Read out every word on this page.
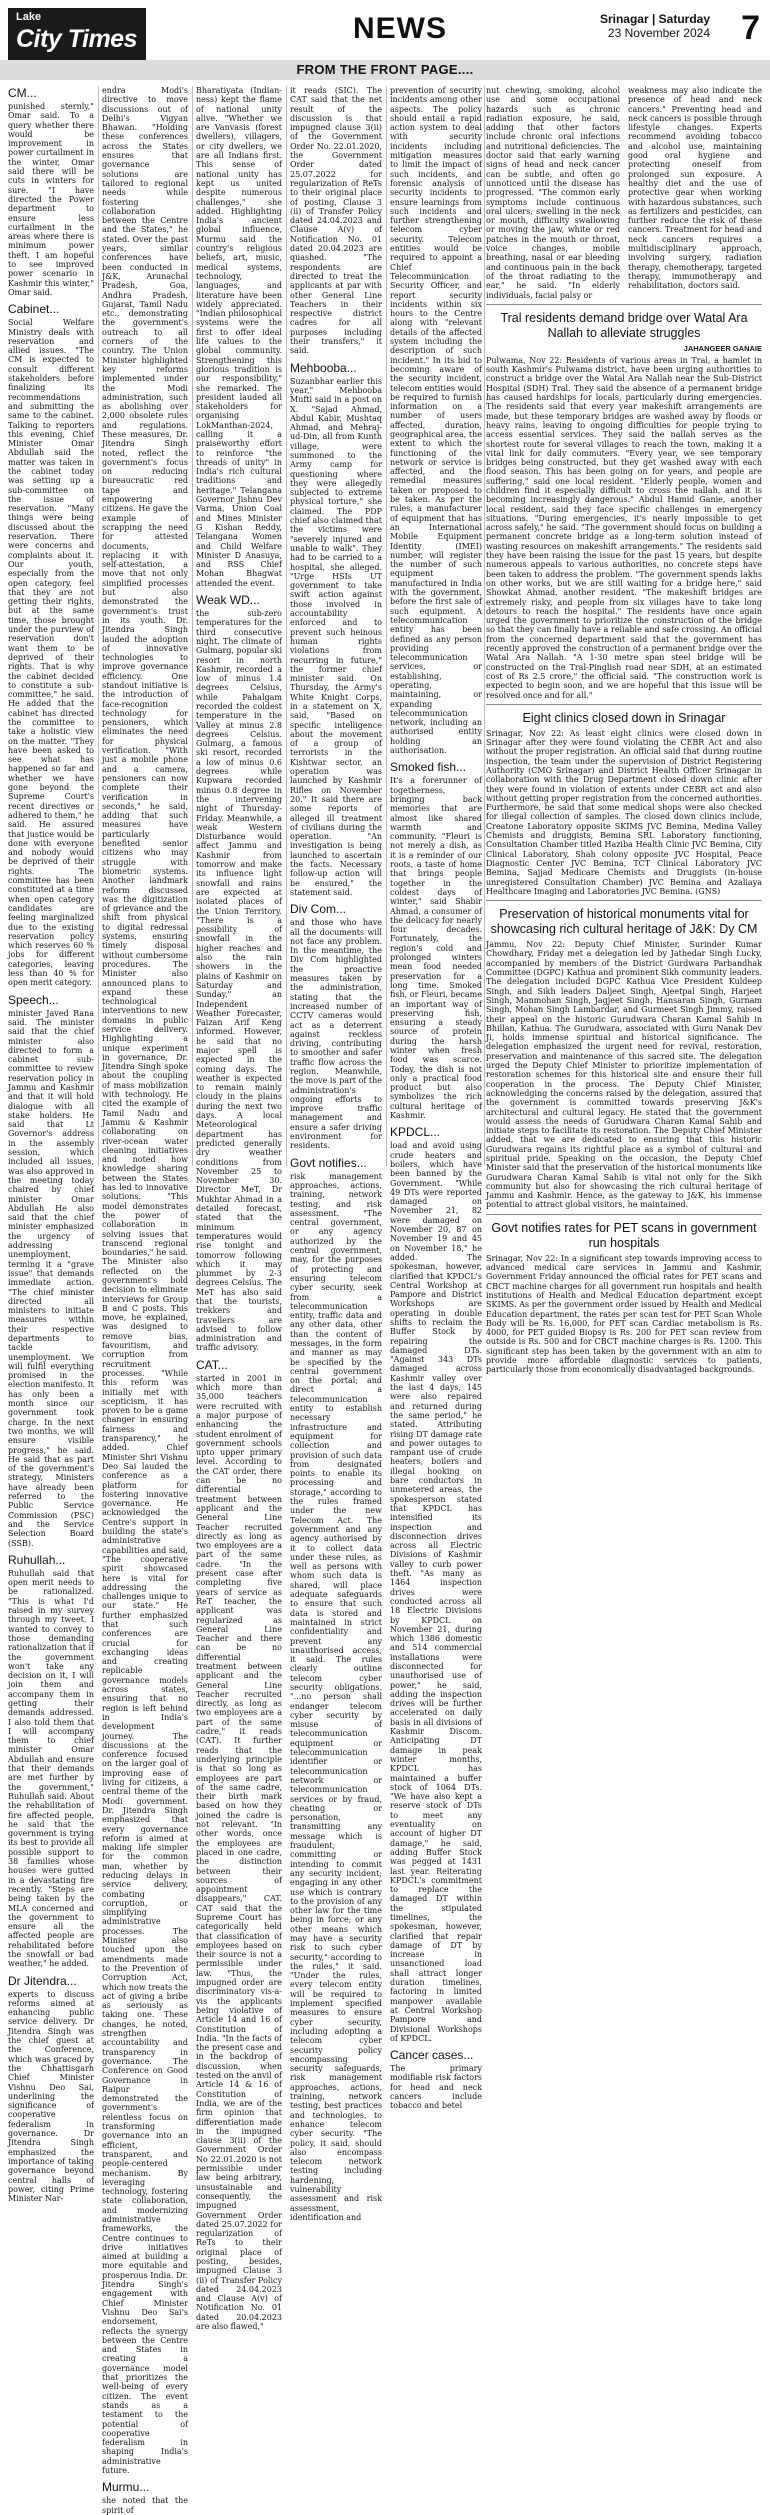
Lake
City Times	NEWS	Srinagar | Saturday
23 November 2024 7
FROM THE FRONT PAGE....
CM...

punished sternly," Omar said. To a query whether there would be improvement in power curtailment in the winter, Omar said there will be cuts in winters for sure. "I have directed the Power department to ensure less curtailment in the areas where there is minimum power theft. I am hopeful to see improved power scenario in Kashmir this winter," Omar said.

Cabinet...

Social Welfare Ministry deals with reservation and allied issues. "The CM is expected to consult different stakeholders before finalizing its recommendations and submitting the same to the cabinet. Talking to reporters this evening, Chief Minister Omar Abdullah said the matter was taken in the cabinet today was setting up a sub-committee on the issue of reservation. "Many things were being discussed about the reservation. There were concerns and complaints about it. Our youth, especially from the open category, feel that they are not getting their rights, but at the same time, those brought under the purview of reservation don't want them to be deprived of their rights. That is why the cabinet decided to constitute a sub-committee," he said. He added that the cabinet has directed the committee to take a holistic view on the matter. "They have been asked to see what has happened so far and whether we have gone beyond the Supreme Court's recent directives or adhered to them," he said. He assured that justice would be done with everyone and nobody would be deprived of their rights. The committee has been constituted at a time when open category candidates are feeling marginalized due to the existing reservation policy which reserves 60 % jobs for different categories, leaving less than 40 % for open merit category.

Speech...

minister Javed Rana said. The minister said that the chief minister also directed to form a cabinet sub-committee to review reservation policy in Jammu and Kashmir and that it will hold dialogue with all stake holders. He said that Lt Governor's address in the assembly session, which included all issues, was also approved in the meeting today chaired by chief minister Omar Abdullah He also said that the chief minister emphasized the urgency of addressing unemployment, terming it a "grave issue" that demands immediate action. "The chief minister directed all ministers to initiate measures within their respective departments to tackle unemployment. We will fulfil everything promised in the election manifesto. It has only been a month since our government took charge. In the next two months, we will ensure visible progress," he said. He said that as part of the government's strategy, Ministers have already been referred to the Public Service Commission (PSC) and the Service Selection Board (SSB).

Ruhullah...

Ruhullah said that open merit needs to be rationalized. "This is what I'd raised in my survey through my tweet. I wanted to convey to those demanding rationalization that if the government won't take any decision on it, I will join them and accompany them in getting their demands addressed. I also told them that I will accompany them to chief minister Omar Abdullah and ensure that their demands are met further by the government," Ruhullah said. About the rehabilitation of fire affected people, he said that the government is trying its best to provide all possible support to 38 families whose houses were gutted in a devastating fire recently. "Steps are being taken by the MLA concerned and the government to ensure all the affected people are rehabilitated before the snowfall or bad weather," he added.

Dr Jitendra...

experts to discuss reforms aimed at enhancing public service delivery. Dr Jitendra Singh was the chief guest at the Conference, which was graced by the Chhattisgarh Chief Minister Vishnu Deo Sai, underlining the significance of cooperative federalism in governance. Dr Jitendra Singh emphasized the importance of taking governance beyond central halls of power, citing Prime Minister Nar-

endra Modi's directive to move discussions out of Delhi's Vigyan Bhawan. "Holding these conferences across the States ensures that governance solutions are tailored to regional needs while fostering collaboration between the Centre and the States," he stated. Over the past years, similar conferences have been conducted in J&K, Arunachal Pradesh, Goa, Andhra Pradesh, Gujarat, Tamil Nadu etc., demonstrating the government's outreach to all corners of the country. The Union Minister highlighted key reforms implemented under the Modi administration, such as abolishing over 2,000 obsolete rules and regulations. These measures, Dr. Jitendra Singh noted, reflect the government's focus on reducing bureaucratic red tape and empowering citizens. He gave the example of scrapping the need for attested documents, replacing it with self-attestation, a move that not only simplified processes but also demonstrated the government's trust in its youth. Dr. Jitendra Singh lauded the adoption of innovative technologies to improve governance efficiency. One standout initiative is the introduction of face-recognition technology for pensioners, which eliminates the need for physical verification. "With just a mobile phone and a camera, pensioners can now complete their verification in seconds," he said, adding that such measures have particularly benefited senior citizens who may struggle with biometric systems. Another landmark reform discussed was the digitization of grievance and the shift from physical to digital redressal systems, ensuring timely disposal without cumbersome procedures. The Minister also announced plans to expand these technological interventions to new domains in public service delivery. Highlighting a unique experiment in governance, Dr. Jitendra Singh spoke about the coupling of mass mobilization with technology. He cited the example of Tamil Nadu and Jammu & Kashmir collaborating on river-ocean water cleaning initiatives and noted how knowledge sharing between the States has led to innovative solutions. "This model demonstrates the power of collaboration in solving issues that transcend regional boundaries," he said. The Minister also reflected on the government's bold decision to eliminate interviews for Group B and C posts. This move, he explained, was designed to remove bias, favouritism, and corruption from recruitment processes. "While this reform was initially met with scepticism, it has proven to be a game changer in ensuring fairness and transparency," he added. Chief Minister Shri Vishnu Deo Sai lauded the conference as a platform for fostering innovative governance. He acknowledged the Centre's support in building the state's administrative capabilities and said, "The cooperative spirit showcased here is vital for addressing the challenges unique to our state." He further emphasized that such conferences are crucial for exchanging ideas and creating replicable governance models across states, ensuring that no region is left behind in India's development journey. The discussions at the conference focused on the larger goal of improving ease of living for citizens, a central theme of the Modi government. Dr. Jitendra Singh emphasized that every governance reform is aimed at making life simpler for the common man, whether by reducing delays in service delivery, combating corruption, or simplifying administrative processes. The Minister also touched upon the amendments made to the Prevention of Corruption Act, which now treats the act of giving a bribe as seriously as taking one. These changes, he noted, strengthen accountability and transparency in governance. The Conference on Good Governance in Raipur demonstrated the government's relentless focus on transforming governance into an efficient, transparent, and people-centered mechanism. By leveraging technology, fostering state collaboration, and modernizing administrative frameworks, the Centre continues to drive initiatives aimed at building a more equitable and prosperous India. Dr. Jitendra Singh's engagement with Chief Minister Vishnu Deo Sai's endorsement, reflects the synergy between the Centre and States in creating a governance model that prioritizes the well-being of every citizen. The event stands as a testament to the potential of cooperative federalism in shaping India's administrative future.

Murmu...

she noted that the spirit of

Bharatiyata (Indian-ness) kept the flame of national unity alive. "Whether we are Vanvasis (forest dwellers), villagers, or city dwellers, we are all Indians first. This sense of national unity has kept us united despite numerous challenges," she added. Highlighting India's ancient global influence, Murmu said the country's religious beliefs, art, music, medical systems, technology, languages, and literature have been widely appreciated. "Indian philosophical systems were the first to offer ideal life values to the global community. Strengthening this glorious tradition is our responsibility," she remarked. The president lauded all stakeholders for organising LokManthan-2024, calling it a praiseworthy effort to reinforce "the threads of unity" in India's rich cultural traditions and heritage." Telangana Governor Jishnu Dev Varma, Union Coal and Mines Minister G Kishan Reddy, Telangana Women and Child Welfare Minister D Anasuya, and RSS Chief Mohan Bhagwat attended the event.

Weak WD...

the sub-zero temperatures for the third consecutive night. The climate of Gulmarg, popular ski resort in north Kashmir, recorded a low of minus 1.4 degrees Celsius, while Pahalgam recorded the coldest temperature in the Valley at minus 2.8 degrees Celsius. Gulmarg, a famous ski resort, recorded a low of minus 0.6 degrees while Kupwara recorded minus 0.8 degree in the intervening night of Thursday-Friday. Meanwhile, a weak Western Disturbance would affect Jammu and Kashmir from tomorrow and make its influence light snowfall and rains are expected at isolated places of the Union Territory. "There is a possibility of snowfall in the higher reaches and also the rain showers in the plains of Kashmir on Saturday and Sunday," an Independent Weather Forecaster, Faizan Arif Keng informed. However, he said that no major spell is expected in the coming days. The weather is expected to remain mainly cloudy in the plains during the next two days. A local Meteorological department has predicted generally dry weather conditions from November 25 to November 30. Director MeT, Dr Mukhtar Ahmad in a detailed forecast, stated that the minimum temperatures would rise tonight and tomorrow following which it may plummet by 2-3 degrees Celsius. The MeT has also said that the tourists, trekkers and travellers are advised to follow administration and traffic advisory.

CAT...

started in 2001 in which more than 35,000 teachers were recruited with a major purpose of enhancing the student enrolment of government schools upto upper primary level. According to the CAT order, there can be no differential treatment between applicant and the General Line Teacher recruited directly as long as two employees are a part of the same cadre. "In the present case after completing five years of service as ReT teacher, the applicant was regularized as General Line Teacher and there can be no differential treatment between applicant and the General Line Teacher recruited directly, as long as two employees are a part of the same cadre," it reads (CAT). It further reads that the underlying principle is that so long as employees are part of the same cadre, their birth mark based on how they joined the cadre is not relevant. "In other words, once the employees are placed in one cadre, the distinction between their sources of appointment disappears," CAT. CAT said that the Supreme Court has categorically held that classification of employees based on their source is not a permissible under law. "Thus, the impugned order are discriminatory vis-a-vis the applicants being violative of Article 14 and 16 of Constitution of India. "In the facts of the present case and in the backdrop of discussion, when tested on the anvil of Article 14 & 16 of Constitution of India, we are of the firm opinion that differentiation made in the impugned clause 3(ii) of the Government Order No 22.01.2020 is not permissible under law being arbitrary, unsustainable and consequently, the impugned Government Order dated 25.07.2022 for regularization of ReTs to their original place of posting, besides, impugned Clause 3 (ii) of Transfer Policy dated 24.04.2023 and Clause A(v) of Notification No. 01 dated 20.04.2023 are also flawed,"

it reads (SIC). The CAT said that the net result of the discussion is that impugned clause 3(ii) of the Government Order No. 22.01.2020, the Government Order dated 25.07.2022 for regularization of ReTs to their original place of posting, Clause 3 (ii) of Transfer Policy dated 24.04.2023 and Clause A(v) of Notification No. 01 dated 20.04.2023 are quashed. "The respondents are directed to treat the applicants at par with other General Line Teachers in their respective district cadres for all purposes including their transfers," it said.

Mehbooba...

Suzanbhar earlier this year," Mehbooba Mufti said in a post on X. "Sajad Ahmad, Abdul Kabir, Mushtaq Ahmad, and Mehraj-ud-Din, all from Kunth village, were summoned to the Army camp for questioning where they were allegedly subjected to extreme physical torture," she claimed. The PDP chief also claimed that the victims were "severely injured and unable to walk". They had to be carried to a hospital, she alleged. "Urge HSIs UT government to take swift action against those involved in accountability enforced and to prevent such heinous human rights violations from recurring in future," the former chief minister said. On Thursday, the Army's White Knight Corps, in a statement on X, said, "Based on specific intelligence about the movement of a group of terrorists in the Kishtwar sector, an operation was launched by Kashmir Rifles on November 20." It said there are some reports of alleged ill treatment of civilians during the operation. "An investigation is being launched to ascertain the facts. Necessary follow-up action will be ensured," the statement said.

Div Com...

and those who have all the documents will not face any problem. In the meantime, the Div Com highlighted the proactive measures taken by the administration, stating that the increased number of CCTV cameras would act as a deterrent against reckless driving, contributing to smoother and safer traffic flow across the region. Meanwhile, the move is part of the administration's ongoing efforts to improve traffic management and ensure a safer driving environment for residents.

Govt notifies...

risk management approaches, actions, training, network testing, and risk assessment. "The central government, or any agency authorized by the central government, may, for the purposes of protecting and ensuring telecom cyber security, seek from a telecommunication entity, traffic data and any other data, other than the content of messages, in the form and manner as may be specified by the central government on the portal; and direct a telecommunication entity to establish necessary infrastructure and equipment for collection and provision of such data from designated points to enable its processing and storage," according to the rules framed under the new Telecom Act. The government and any agency authorised by it to collect data under these rules, as well as persons with whom such data is shared, will place adequate safeguards to ensure that such data is stored and maintained in strict confidentiality and prevent any unauthorised access, it said. The rules clearly outline telecom cyber security obligations. "...no person shall endanger telecom cyber security by misuse of telecommunication equipment or telecommunication identifier or telecommunication network or telecommunication services or by fraud, cheating or personation, transmitting any message which is fraudulent; committing or intending to commit any security incident; engaging in any other use which is contrary to the provision of any other law for the time being in force; or any other means which may have a security risk to such cyber security," according to the rules," it said. "Under the rules, every telecom entity will be required to implement specified measures to ensure cyber security, including adopting a telecom cyber security policy encompassing security safeguards, risk management approaches, actions, training, network testing, best practices and technologies, to enhance telecom cyber security. "The policy, it said, should also encompass telecom network testing including hardening, vulnerability assessment and risk assessment, identification and

prevention of security incidents among other aspects. The policy should entail a rapid action system to deal with security incidents including mitigation measures to limit the impact of such incidents, and forensic analysis of security incidents to ensure learnings from such incidents and further strengthening telecom cyber security. Telecom entities would be required to appoint a Chief Telecommunication Security Officer, and report security incidents within six hours to the Centre along with "relevant details of the affected system including the description of such incident." In its bid to becoming aware of the security incident, telecom entities would be required to furnish information on a number of users affected, duration, geographical area, the extent to which the functioning of the network or service is affected, and the remedial measures taken or proposed to be taken. As per the rules, a manufacturer of equipment that has an International Mobile Equipment Identity (IMEI) number, will register the number of such equipment manufactured in India with the government, before the first sale of such equipment. A telecommunication entity has been defined as any person providing telecommunication services, or establishing, operating, maintaining, or expanding telecommunication network, including an authorised entity holding an authorisation.

Smoked fish...

It's a forerunner of togetherness, bringing back memories that are almost like shared warmth and community. "Fleuri is not merely a dish, as it is a reminder of our roots, a taste of home that brings people together in the coldest days of winter," said Shabir Ahmad, a consumer of the delicacy for nearly four decades. Fortunately, the region's cold and prolonged winters mean food needed preservation for a long time. Smoked fish, or Fleuri, became an important way of preserving fish, ensuring a steady source of protein during the harsh winter when fresh food was scarce. Today, the dish is not only a practical food product but also symbolizes the rich cultural heritage of Kashmir.

KPDCL...

load and avoid using crude heaters and boilers, which have been banned by the Government. "While 49 DTs were reported damaged on November 21, 82 were damaged on November 20, 87 on November 19 and 45 on November 18," he added. The spokesman, however, clarified that KPDCL's Central Workshop at Pampore and District Workshops are operating in double shifts to reclaim the Buffer Stock by repairing the damaged DTs. "Against 343 DTs damaged across Kashmir valley over the last 4 days, 145 were also repaired and returned during the same period," he stated. Attributing rising DT damage rate and power outages to rampant use of crude heaters, boilers and illegal hooking on bare conductors in unmetered areas, the spokesperson stated that KPDCL has intensified its inspection and disconnection drives across all Electric Divisions of Kashmir valley to curb power theft. "As many as 1464 inspection drives were conducted across all 18 Electric Divisions by KPDCL on November 21, during which 1386 domestic and 514 commercial installations were disconnected for unauthorised use of power," he said, adding the inspection drives will be further accelerated on daily basis in all divisions of Kashmir Discom. Anticipating DT damage in peak winter months, KPDCL has maintained a buffer stock of 1064 DTs. "We have also kept a reserve stock of DTs to meet any eventuality on account of higher DT damage," he said, adding Buffer Stock was pegged at 1431 last year. Reiterating KPDCL's commitment to replace the damaged DT within the stipulated timelines, the spokesman, however, clarified that repair damage of DT by increase in unsanctioned load shall attract longer duration timelines, factoring in limited manpower available at Central Workshop Pampore and Divisional Workshops of KPDCL.

Cancer cases...

The primary modifiable risk factors for head and neck cancers include tobacco and betel

nut chewing, smoking, alcohol use and some occupational hazards such as chronic radiation exposure, he said, adding that other factors include chronic oral infections and nutritional deficiencies. The doctor said that early warning signs of head and neck cancer can be subtle, and often go unnoticed until the disease has progressed. "The common early symptoms include continuous oral ulcers, swelling in the neck or mouth, difficulty swallowing or moving the jaw, white or red patches in the mouth or throat, voice changes, mobile breathing, nasal or ear bleeding and continuous pain in the back of the throat radiating to the ear," he said. "In elderly individuals, facial palsy or
weakness may also indicate the presence of head and neck cancers." Preventing head and neck cancers is possible through lifestyle changes. Experts recommend avoiding tobacco and alcohol use, maintaining good oral hygiene and protecting oneself from prolonged sun exposure. A healthy diet and the use of protective gear when working with hazardous substances, such as fertilizers and pesticides, can further reduce the risk of these cancers. Treatment for head and neck cancers requires a multidisciplinary approach, involving surgery, radiation therapy, chemotherapy, targeted therapy, immunotherapy and rehabilitation, doctors said.
Tral residents demand bridge over Watal Ara Nallah to alleviate struggles
JAHANGEER GANAIE
Pulwama, Nov 22: Residents of various areas in Tral, a hamlet in south Kashmir's Pulwama district, have been urging authorities to construct a bridge over the Watal Ara Nallah near the Sub-District Hospital (SDH) Tral. They said the absence of a permanent bridge has caused hardships for locals, particularly during emergencies. The residents said that every year makeshift arrangements are made, but these temporary bridges are washed away by floods or heavy rains, leaving to ongoing difficulties for people trying to access essential services. They said the nallah serves as the shortest route for several villages to reach the town, making it a vital link for daily commuters. "Every year, we see temporary bridges being constructed, but they get washed away with each flood season. This has been going on for years, and people are suffering," said one local resident. "Elderly people, women and children find it especially difficult to cross the nallah, and it is becoming increasingly dangerous." Abdul Hamid Ganie, another local resident, said they face specific challenges in emergency situations. "During emergencies, it's nearly impossible to get across safely," he said. "The government should focus on building a permanent concrete bridge as a long-term solution instead of wasting resources on makeshift arrangements." The residents said they have been raising the issue for the past 15 years, but despite numerous appeals to various authorities, no concrete steps have been taken to address the problem. "The government spends lakhs on other works, but we are still waiting for a bridge here," said Showkat Ahmad, another resident. "The makeshift bridges are extremely risky, and people from six villages have to take long detours to reach the hospital." The residents have once again urged the government to prioritize the construction of the bridge so that they can finally have a reliable and safe crossing. An official from the concerned department said that the government has recently approved the construction of a permanent bridge over the Watal Ara Nallah. "A 1-30 metre span steel bridge will be constructed on the Tral-Pinglish road near SDH, at an estimated cost of Rs 2.5 crore," the official said. "The construction work is expected to begin soon, and we are hopeful that this issue will be resolved once and for all."
Eight clinics closed down in Srinagar
Srinagar, Nov 22: As least eight clinics were closed down in Srinagar after they were found violating the CEBR Act and also without the proper registration. An official said that during routine inspection, the team under the supervision of District Registering Authority (CMO Srinagar) and District Health Officer Srinagar in collaboration with the Drug Department closed down clinic after they were found in violation of extents under CEBR act and also without getting proper registration from the concerned authorities. Furthermore, he said that some medical shops were also checked for illegal collection of samples. The closed down clinics include, Creatone Laboratory opposite SKIMS JVC Bemina, Medina Valley Chemists and druggists, Bemina SRL Laboratory functioning, Consultation Chamber titled Haziba Health Clinic JVC Bemina, City Clinical Laboratory, Shah colony opposite JVC Hospital, Peace Diagnostic Center JVC Bemina, TCT Clinical Laboratory JVC Bemina, Sajjad Medicare Chemists and Druggists (in-house unregistered Consultation Chamber) JVC Bemina and Azaliaya Healthcare Imaging and Laboratories JVC Bemina. (GNS)
Preservation of historical monuments vital for showcasing rich cultural heritage of J&K: Dy CM
Jammu, Nov 22: Deputy Chief Minister, Surinder Kumar Chowdhary, Friday met a delegation led by Jathedar Singh Lucky, accompanied by members of the District Gurdwara Parbandhak Committee (DGPC) Kathua and prominent Sikh community leaders. The delegation included DGPC Kathua Vice President Kuldeep Singh, and Sikh leaders Daljeet Singh, Ajeetpal Singh, Harjeet Singh, Manmohan Singh, Jagjeet Singh, Hansaran Singh, Gurnam Singh, Mohan Singh Lambardar, and Gurmeet Singh Jimmy, raised their appeal on the historic Gurudwara Charan Kamal Sahib in Bhillan, Kathua. The Gurudwara, associated with Guru Nanak Dev Ji, holds immense spiritual and historical significance. The delegation emphasized the urgent need for revival, restoration, preservation and maintenance of this sacred site. The delegation urged the Deputy Chief Minister to prioritize implementation of restoration schemes for this historical site and ensure their full cooperation in the process. The Deputy Chief Minister, acknowledging the concerns raised by the delegation, assured that the government is committed towards preserving J&K's architectural and cultural legacy. He stated that the government would assess the needs of Gurudwara Charan Kamal Sahib and initiate steps to facilitate its restoration. The Deputy Chief Minister added, that we are dedicated to ensuring that this historic Gurudwara regains its rightful place as a symbol of cultural and spiritual pride. Speaking on the occasion, the Deputy Chief Minister said that the preservation of the historical monuments like Gurudwara Charan Kamal Sahib is vital not only for the Sikh community but also for showcasing the rich cultural heritage of Jammu and Kashmir. Hence, as the gateway to J&K, his immense potential to attract global visitors, he maintained.
Govt notifies rates for PET scans in government run hospitals
Srinagar, Nov 22: In a significant step towards improving access to advanced medical care services in Jammu and Kashmir, Government Friday announced the official rates for PET scans and CBCT machine charges for all government run hospitals and health institutions of Health and Medical Education department except SKIMS. As per the government order issued by Health and Medical Education department, the rates per scan test for PET Scan Whole Body will be Rs. 16,000, for PET scan Cardiac metabolism is Rs. 4000, for PET guided Biopsy is Rs. 200 for PET scan review from outside is Rs. 500 and for CBCT machine charges is Rs. 1200. This significant step has been taken by the government with an aim to provide more affordable diagnostic services to patients, particularly those from economically disadvantaged backgrounds.
